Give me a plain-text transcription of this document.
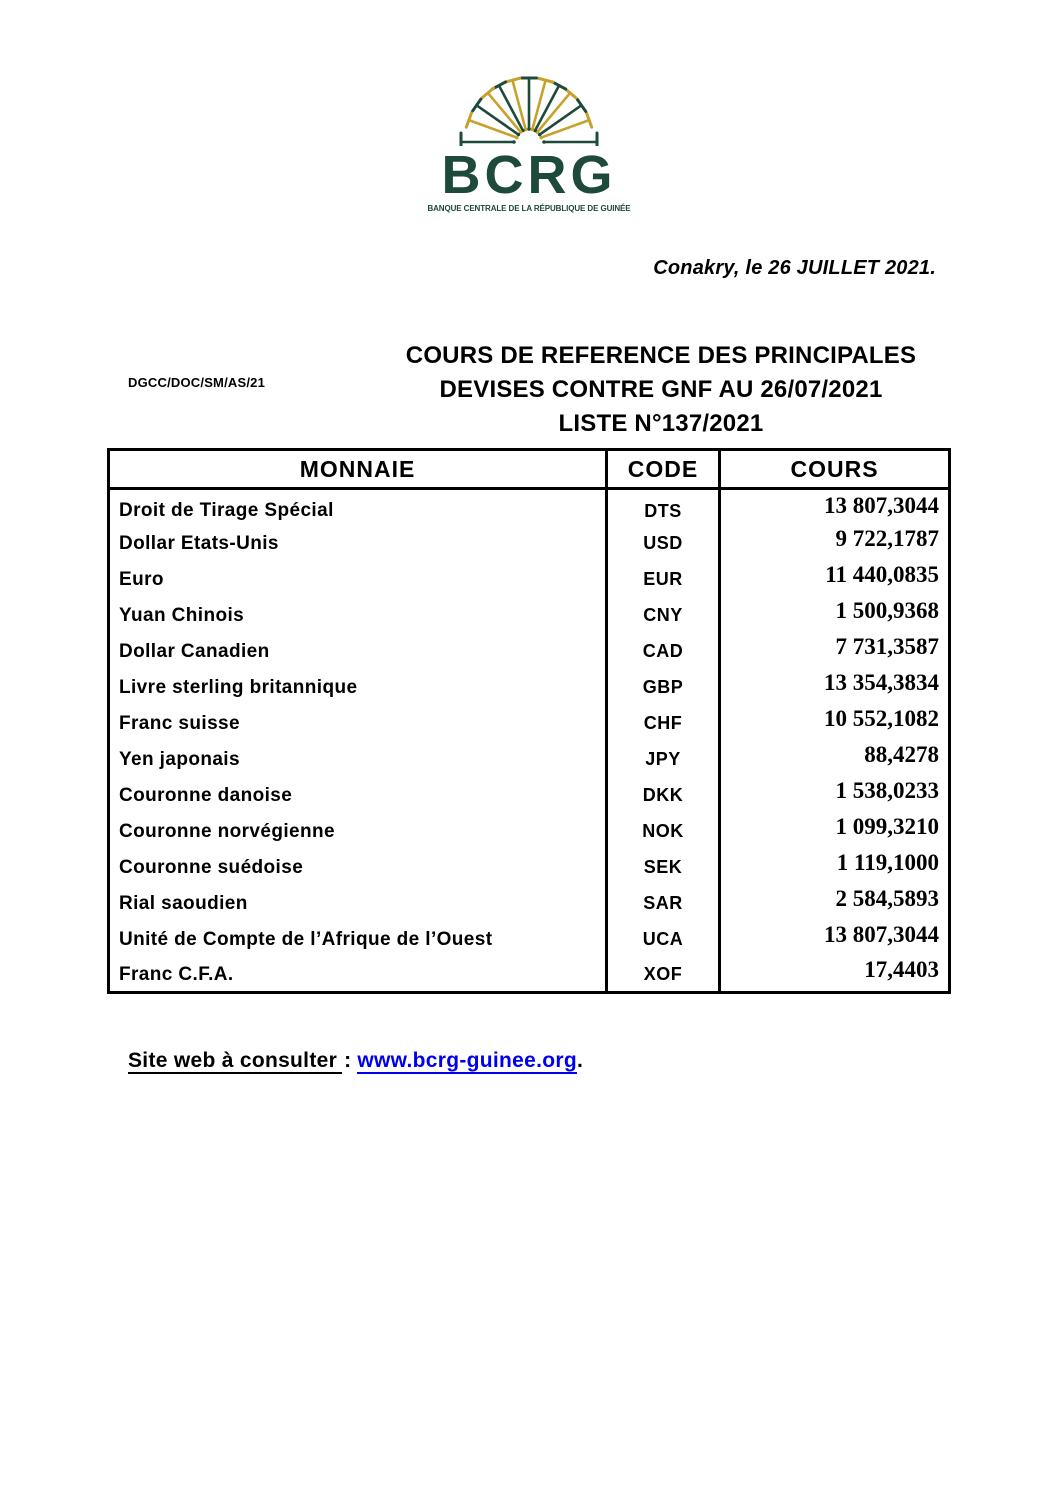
BCRG
BANQUE CENTRALE DE LA RÉPUBLIQUE DE GUINÉE
Conakry, le 26 JUILLET 2021.
DGCC/DOC/SM/AS/21
COURS DE REFERENCE DES PRINCIPALES
DEVISES CONTRE GNF AU 26/07/2021
LISTE N°137/2021
MONNAIE	CODE	COURS
Droit de Tirage Spécial	DTS	13 807,3044
Dollar Etats-Unis	USD	9 722,1787
Euro	EUR	11 440,0835
Yuan Chinois	CNY	1 500,9368
Dollar Canadien	CAD	7 731,3587
Livre sterling britannique	GBP	13 354,3834
Franc suisse	CHF	10 552,1082
Yen japonais	JPY	88,4278
Couronne danoise	DKK	1 538,0233
Couronne norvégienne	NOK	1 099,3210
Couronne suédoise	SEK	1 119,1000
Rial saoudien	SAR	2 584,5893
Unité de Compte de l’Afrique de l’Ouest	UCA	13 807,3044
Franc C.F.A.	XOF	17,4403
Site web à consulter : www.bcrg-guinee.org.
